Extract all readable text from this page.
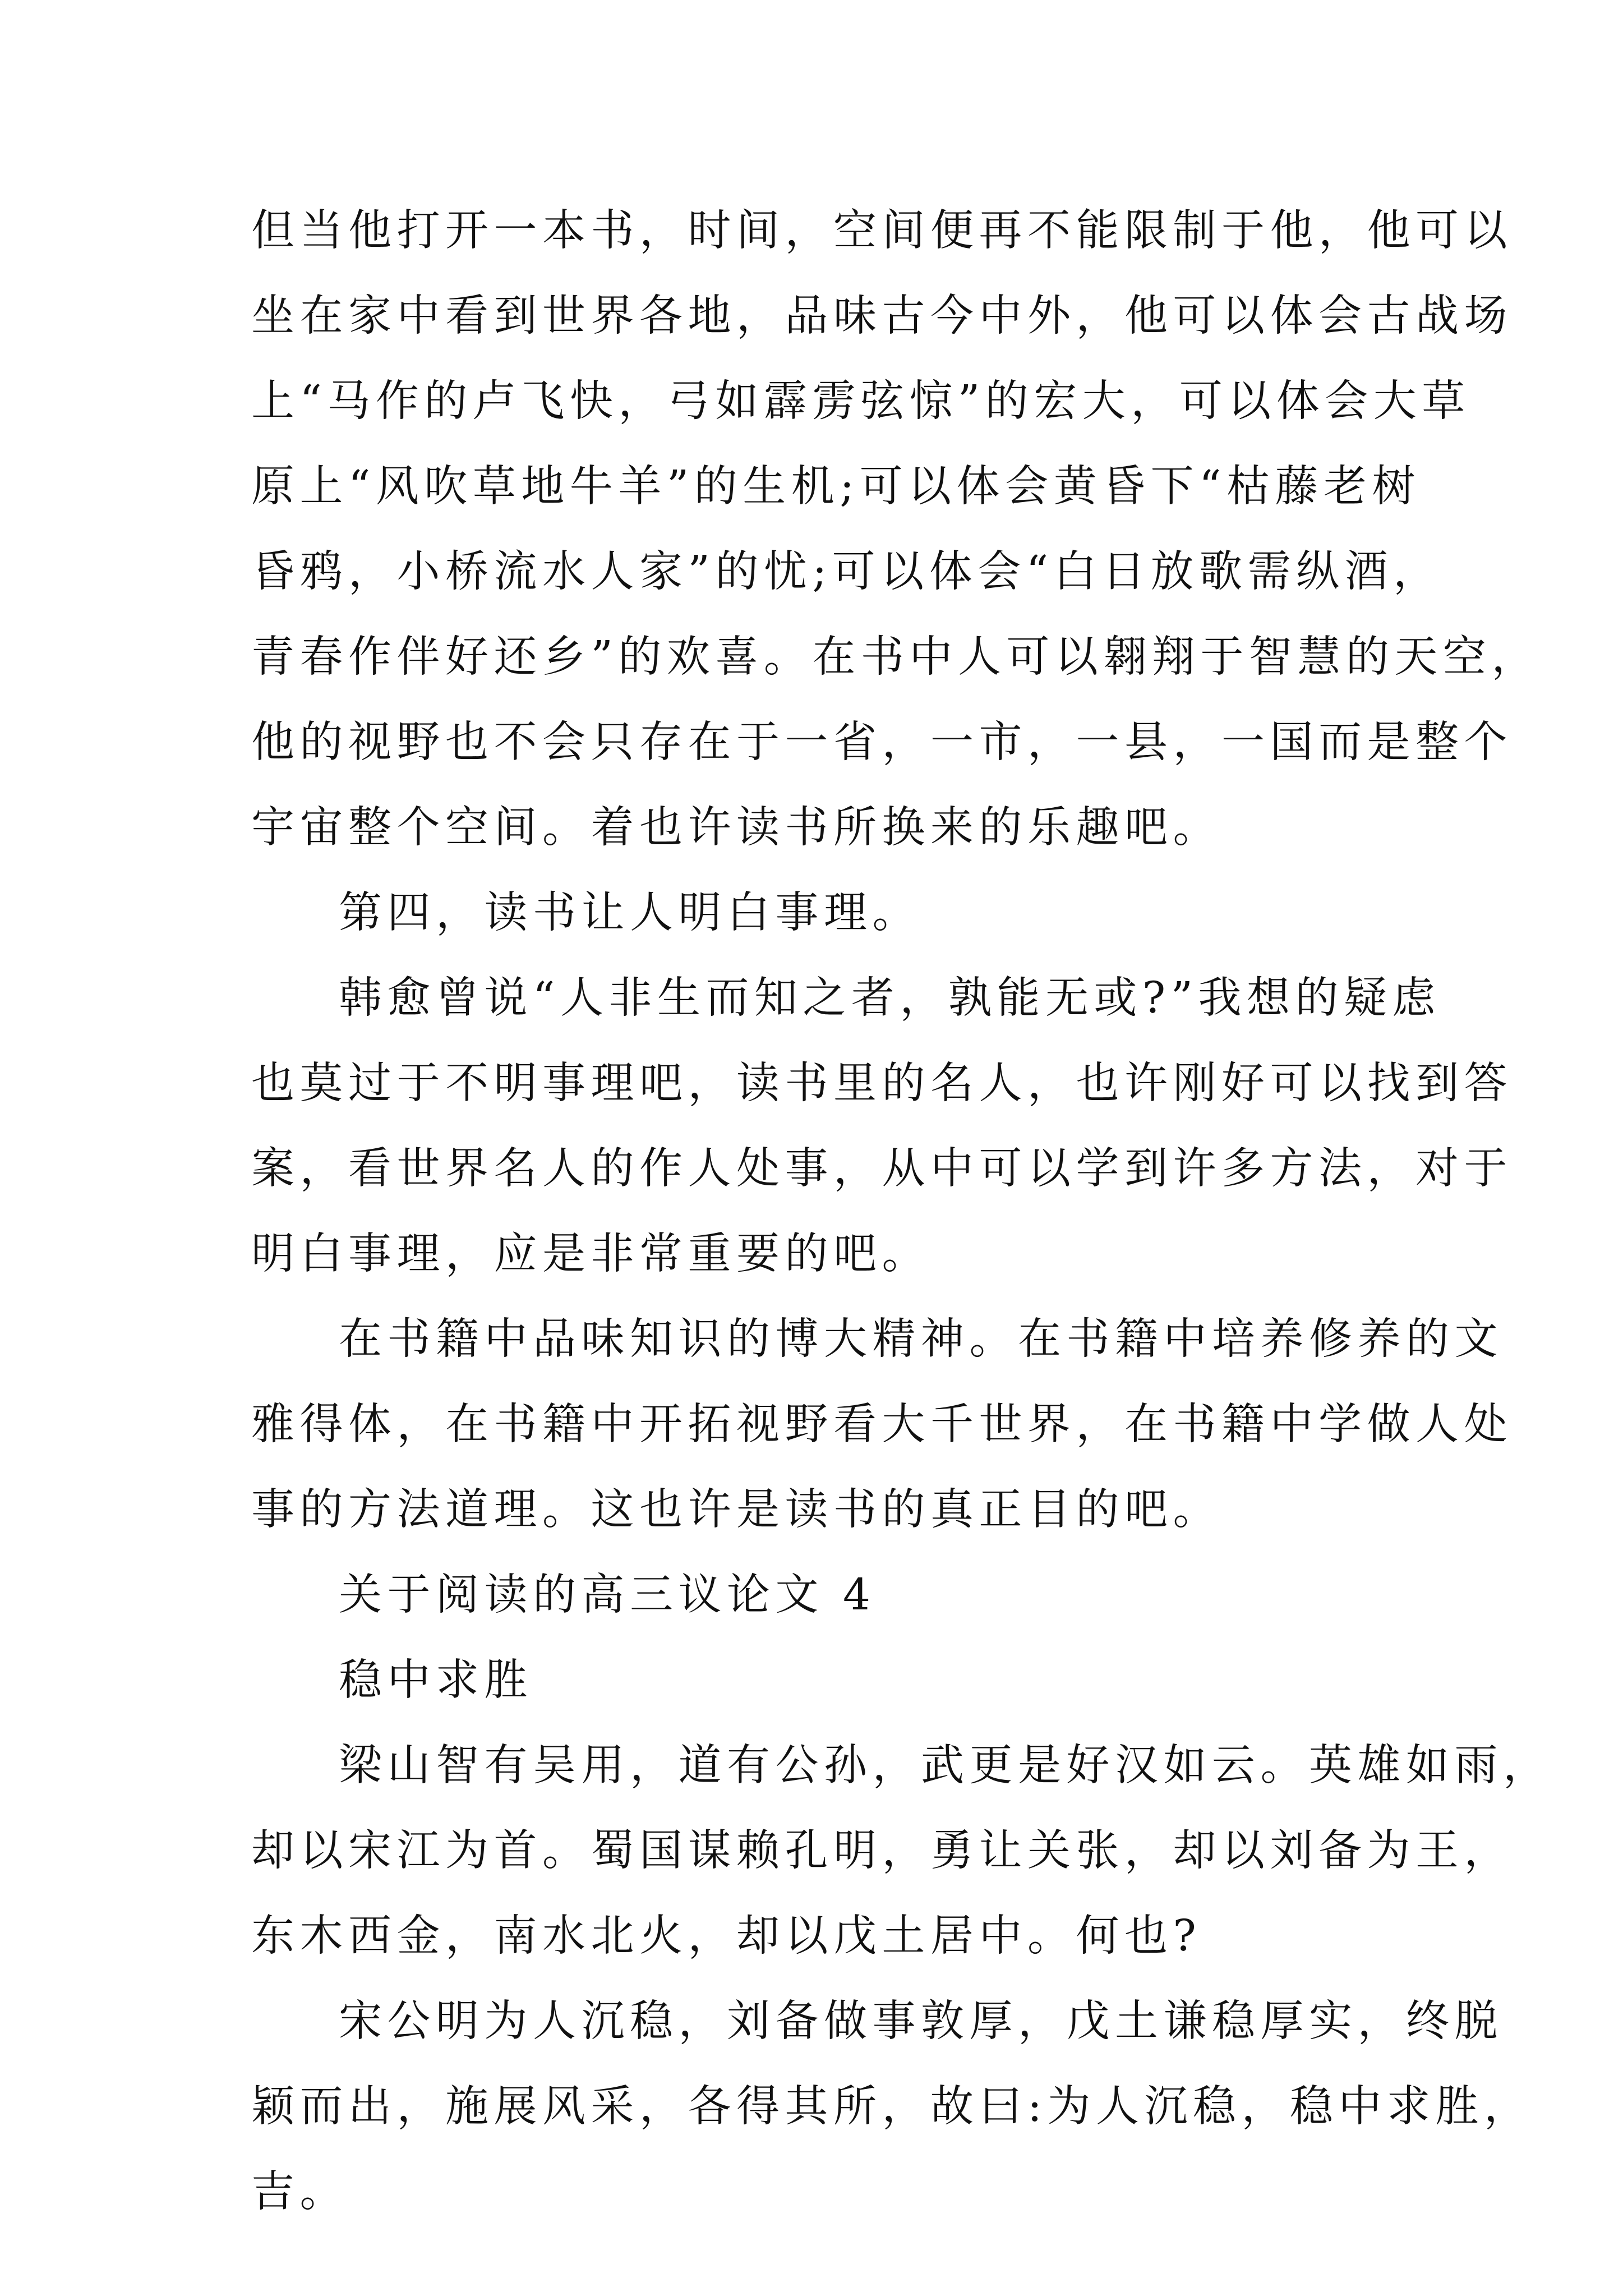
但当他打开一本书，时间，空间便再不能限制于他，他可以

坐在家中看到世界各地，品味古今中外，他可以体会古战场

上“马作的卢飞快，弓如霹雳弦惊”的宏大，可以体会大草

原上“风吹草地牛羊”的生机;可以体会黄昏下“枯藤老树

昏鸦，小桥流水人家”的忧;可以体会“白日放歌需纵酒，

青春作伴好还乡”的欢喜。在书中人可以翱翔于智慧的天空，

他的视野也不会只存在于一省，一市，一县，一国而是整个

宇宙整个空间。着也许读书所换来的乐趣吧。

第四，读书让人明白事理。

韩愈曾说“人非生而知之者，孰能无或?”我想的疑虑

也莫过于不明事理吧，读书里的名人，也许刚好可以找到答

案，看世界名人的作人处事，从中可以学到许多方法，对于

明白事理，应是非常重要的吧。

在书籍中品味知识的博大精神。在书籍中培养修养的文

雅得体，在书籍中开拓视野看大千世界，在书籍中学做人处

事的方法道理。这也许是读书的真正目的吧。

关于阅读的高三议论文 4

稳中求胜

梁山智有吴用，道有公孙，武更是好汉如云。英雄如雨，

却以宋江为首。蜀国谋赖孔明，勇让关张，却以刘备为王，

东木西金，南水北火，却以戊土居中。何也?

宋公明为人沉稳，刘备做事敦厚，戊土谦稳厚实，终脱

颖而出，施展风采，各得其所，故曰:为人沉稳，稳中求胜，

吉。
